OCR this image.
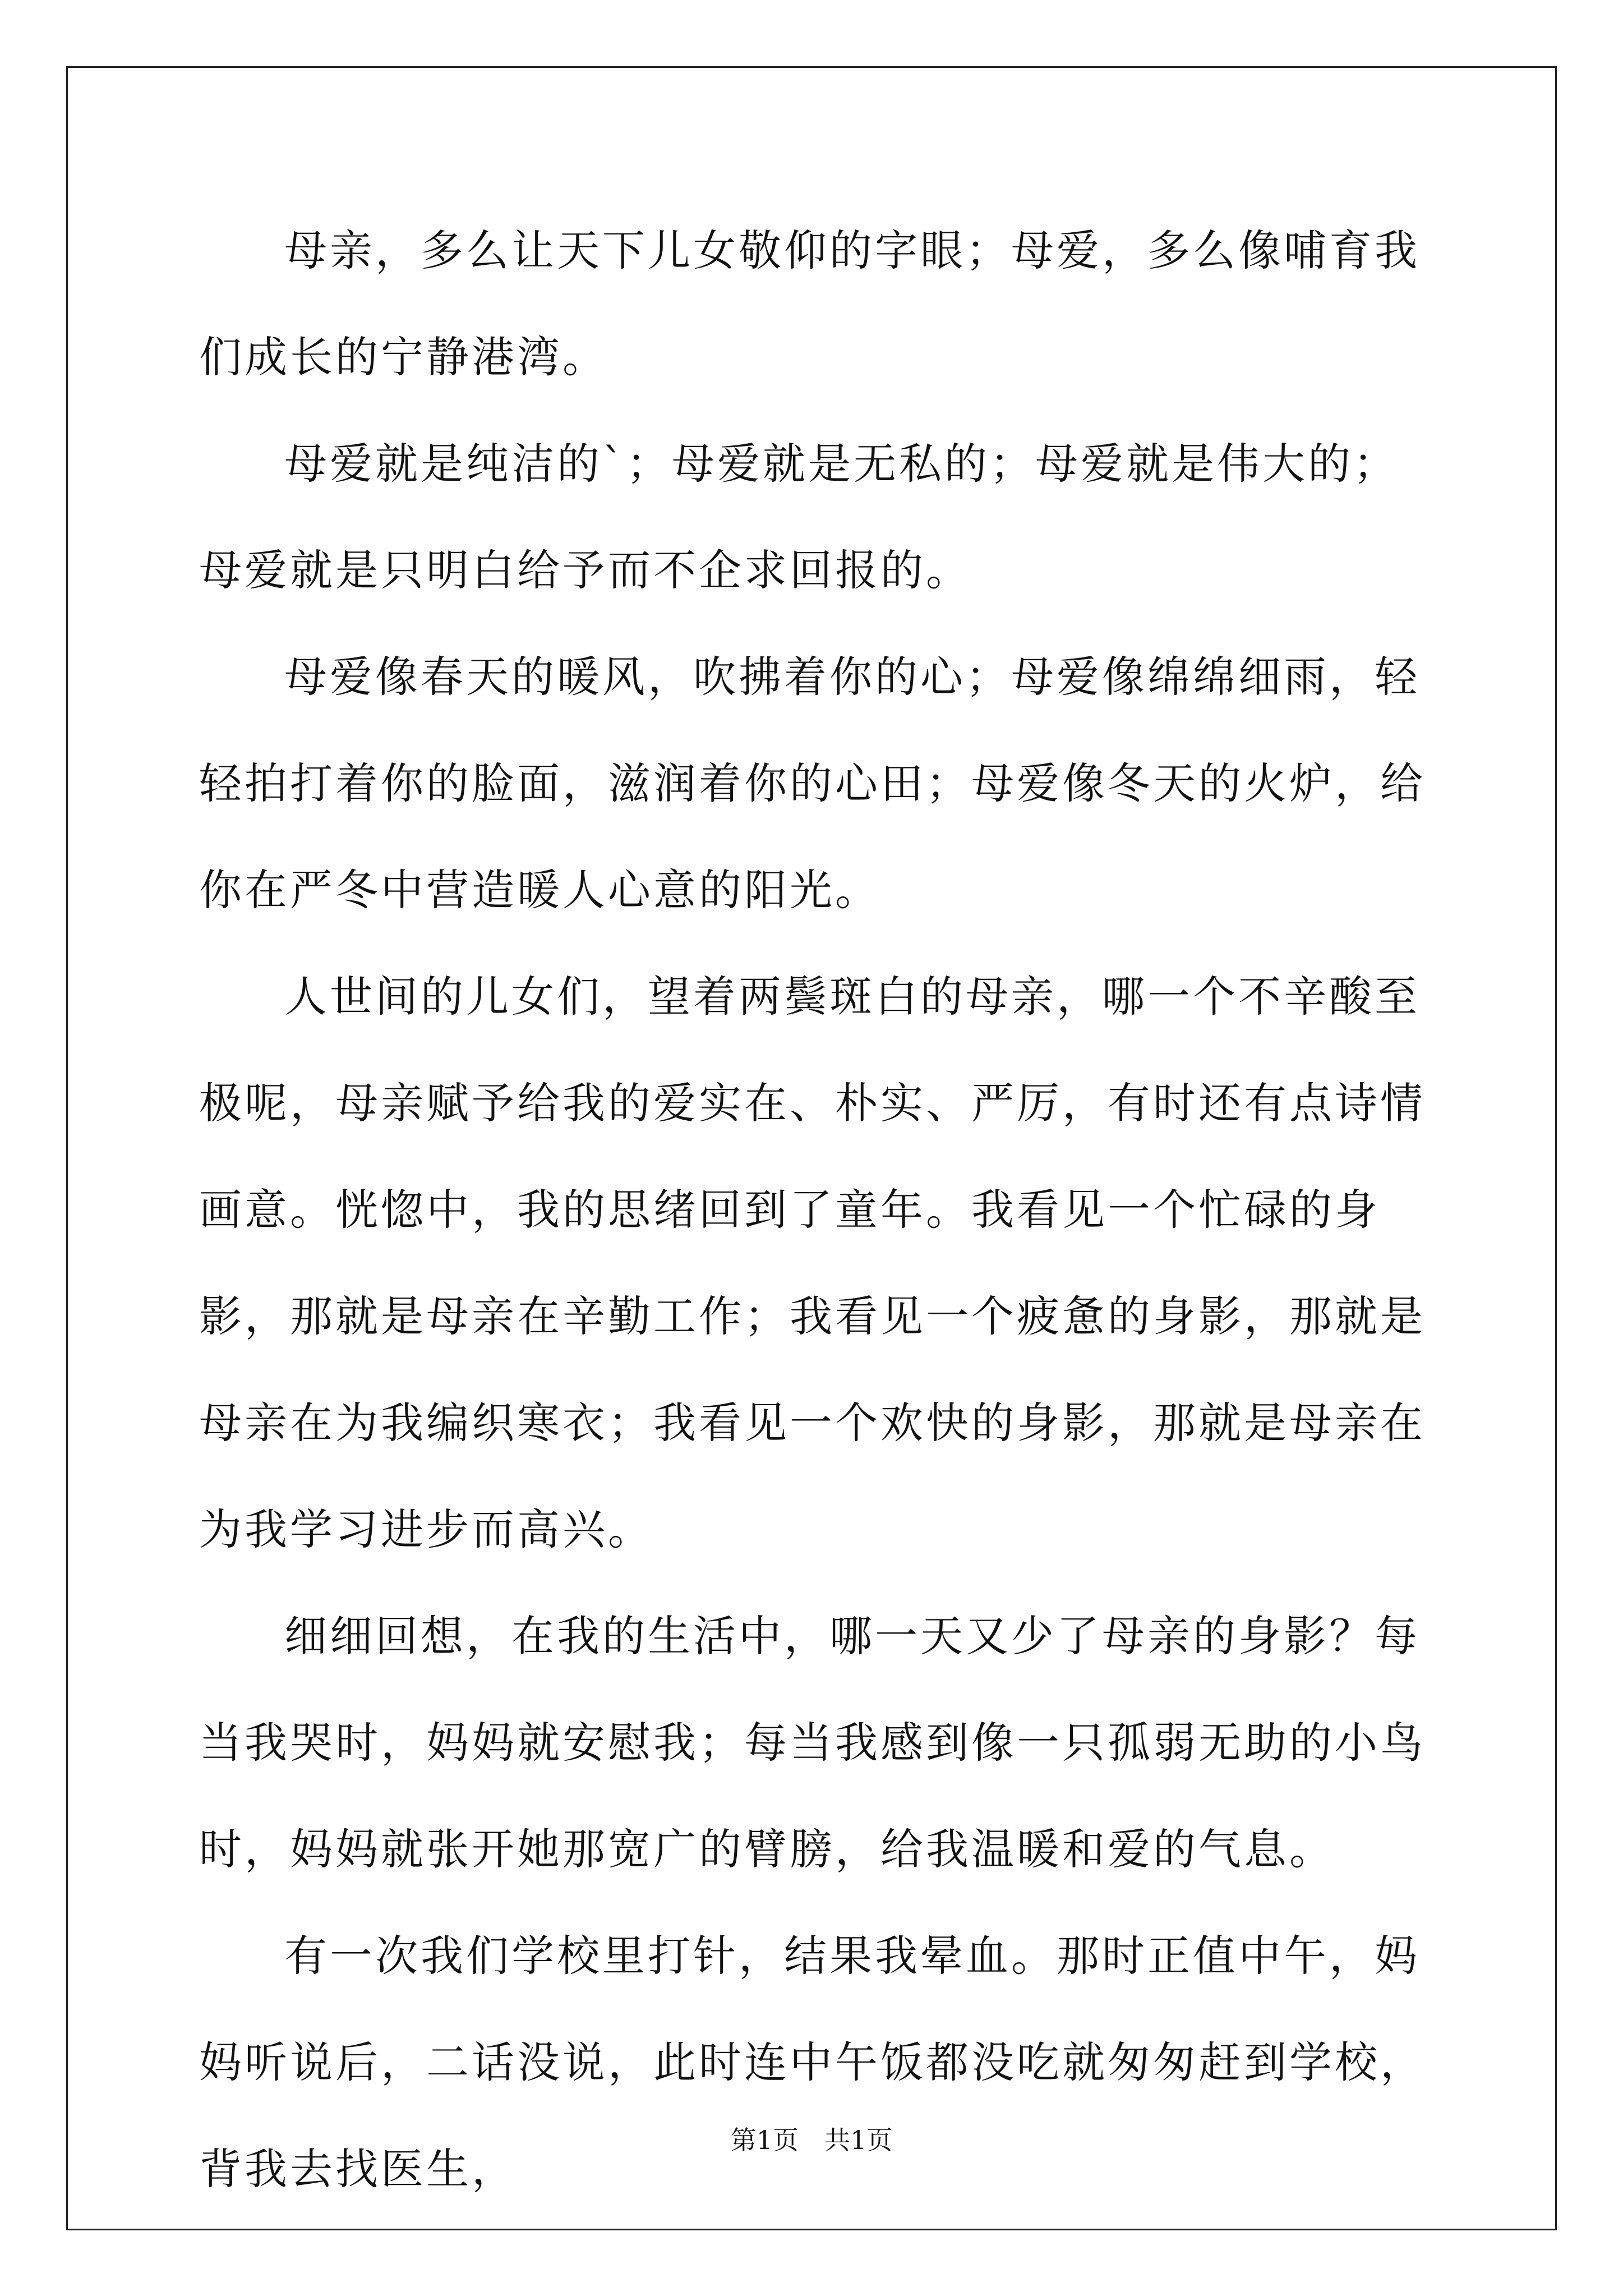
母亲，多么让天下儿女敬仰的字眼；母爱，多么像哺育我们成长的宁静港湾。

母爱就是纯洁的`；母爱就是无私的；母爱就是伟大的；母爱就是只明白给予而不企求回报的。

母爱像春天的暖风，吹拂着你的心；母爱像绵绵细雨，轻轻拍打着你的脸面，滋润着你的心田；母爱像冬天的火炉，给你在严冬中营造暖人心意的阳光。

人世间的儿女们，望着两鬓斑白的母亲，哪一个不辛酸至极呢，母亲赋予给我的爱实在、朴实、严厉，有时还有点诗情画意。恍惚中，我的思绪回到了童年。我看见一个忙碌的身影，那就是母亲在辛勤工作；我看见一个疲惫的身影，那就是母亲在为我编织寒衣；我看见一个欢快的身影，那就是母亲在为我学习进步而高兴。

细细回想，在我的生活中，哪一天又少了母亲的身影？每当我哭时，妈妈就安慰我；每当我感到像一只孤弱无助的小鸟时，妈妈就张开她那宽广的臂膀，给我温暖和爱的气息。

有一次我们学校里打针，结果我晕血。那时正值中午，妈妈听说后，二话没说，此时连中午饭都没吃就匆匆赶到学校，背我去找医生，

第1页　共1页
